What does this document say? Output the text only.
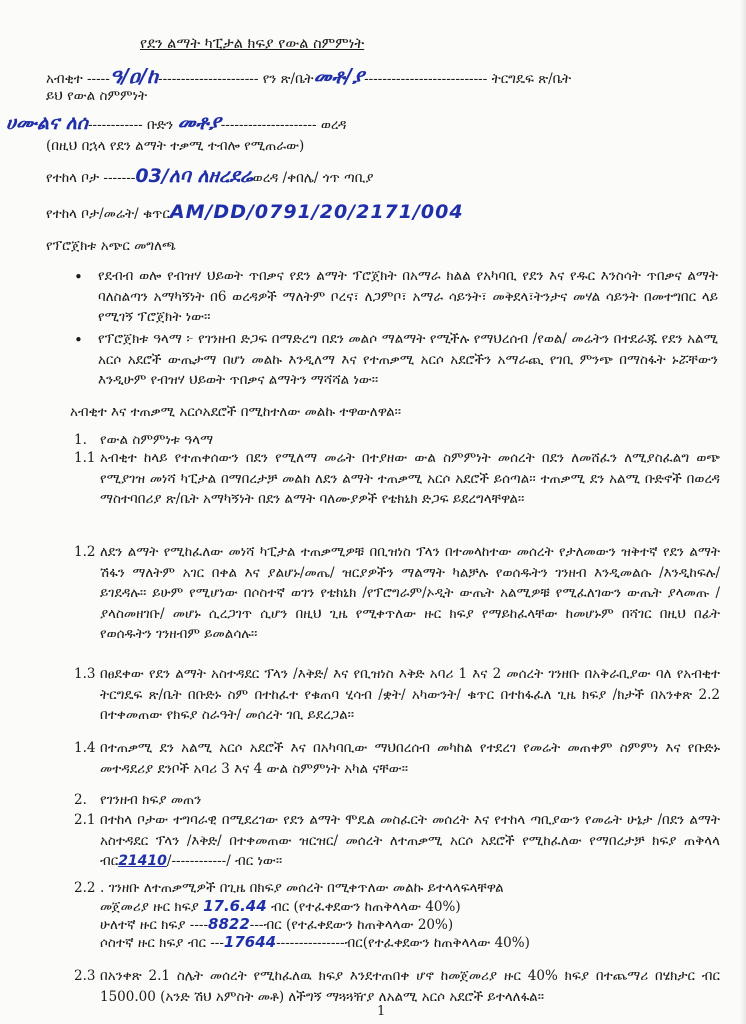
የደን ልማት ካፒታል ክፍያ የውል ስምምነት
አብቂተ -----ዓ/ዐ/ከ---------------------- የን ጽ/ቤትመቶ/ያ--------------------------- ትርግዴፍ ጽ/ቤት
ይህ የውል ስምምነት
ሀሙልና ለሰ------------ ቡድን መቶያ--------------------- ወረዳ
(በዚህ በኋላ የደን ልማት ተቃሚ ተብሎ የሚጠራው)
የተከላ ቦታ -------03/ለባ ለዘረደሬወረዳ /ቀበሌ/ ጎጥ ጣቢያ
የተከላ ቦታ/መሬት/ ቁጥርAM/DD/0791/20/2171/004
የፕሮጀክቱ አጭር መግለጫ
• የደብብ ወሎ የብዝሃ ህይወት ጥበቃና የደን ልማት ፕሮጀክት በአማራ ክልል የአካባቢ የደን እና የዱር እንስሳት ጥበቃና ልማት ባለስልጣን አማካኝነት በ6 ወረዳዎች ማለትም ቦረና፣ ለጋምቦ፣ አማራ ሳይንት፣ መቅደላ፣ትንታና መሃል ሳይንት በመተግበር ላይ የሚገኝ ፕሮጀክት ነው፡፡
• የፕሮጀክቱ ዓላማ ፦ የገንዘብ ድጋፍ በማድረግ በደን መልሶ ማልማት የሚችሉ የማህረሰብ /የወል/ መሬትን በተደራጁ የደን አልሚ አርሶ አደሮች ውጤታማ በሆነ መልኩ እንዲለማ እና የተጠቃሚ አርሶ አደሮችን አማራጪ የገቢ ምንጭ በማስፋት ኑሯቸውን እንዲሁም የብዝሃ ህይወት ጥበቃና ልማትን ማሻሻል ነው፡፡
አብቂተ እና ተጠቃሚ አርሶአደሮች በሚከተለው መልኩ ተዋውለዋል፡፡
1. የውል ስምምነቱ ዓላማ
1.1 አብቂተ ከላይ የተጠቀሰውን በደን የሚለማ መሬት በተያዘው ውል ስምምነት መሰረት በደን ለመሸፈን ለሚያስፈልግ ወጭ የሚያገዝ መነሻ ካፒታል በማበረታቻ መልክ ለደን ልማት ተጠቃሚ አርሶ አደሮች ይሰጣል፡፡ ተጠቃሚ ደን አልሚ ቡድኖች በወረዳ ማስተባበሪያ ጽ/ቤት አማካኝነት በደን ልማት ባለሙያዎች የቴክኒክ ድጋፍ ይደረግላቸዋል፡፡
1.2 ለደን ልማት የሚከፈለው መነሻ ካፒታል ተጠቃሚዎቹ በቢዝነስ ፕላን በተመላከተው መሰረት የታለመውን ዝቅተኛ የደን ልማት ሽፋን ማለትም አገር በቀል እና ያልሆኑ/መጤ/ ዝርያዎችን ማልማት ካልቻሉ የወሰዱትን ገንዘብ እንዲመልሱ /እንዲከፍሉ/ ይገደዳሉ፡፡ ይሁም የሚሆነው በሶስተኛ ወገን የቴክኒክ /የፕሮግራም/ኦዲት ውጤት አልሚዎቹ የሚፈለገውን ውጤት ያላመጡ /ያላስመዘገቡ/ መሆኑ ሲረጋገጥ ሲሆን በዚህ ጊዜ የሚቀጥለው ዙር ክፍያ የማይከፈላቸው ከመሆኑም በሻገር በዚህ በፊት የወሰዱትን ገንዘብም ይመልሳሉ፡፡
1.3 በፀደቀው የደን ልማት አስተዳደር ፕላን /እቅድ/ እና የቢዝነስ እቅድ አባሪ 1 እና 2 መሰረት ገንዘቡ በአቅራቢያው ባለ የአብቂተ ትርግዴፍ ጽ/ቤት በቡድኑ ስም በተከፈተ የቁጠባ ሂሳብ /ቋት/ አካውንት/ ቁጥር በተከፋፈለ ጊዜ ክፍያ /ክታች በአንቀጽ 2.2 በተቀመጠው የክፍያ ስራዓት/ መሰረት ገቢ ይደረጋል፡፡
1.4 በተጠቃሚ ደን አልሚ አርሶ አደሮች እና በአካባቢው ማህበረሰብ መካከል የተደረገ የመሬት መጠቀም ስምምነ እና የቡድኑ መተዳደሪያ ደንቦች አባሪ 3 እና 4 ውል ስምምነት አካል ናቸው፡፡
2. የገንዘብ ክፍያ መጠን
2.1 በተከላ ቦታው ተግባራዊ በሚደረገው የደን ልማት ሞዴል መስፈርት መሰረት እና የተከላ ጣቢያውን የመሬት ሁኔታ /በደን ልማት አስተዳደር ፕላን /እቅድ/ በተቀመጠው ዝርዝር/ መሰረት ለተጠቃሚ አርሶ አደሮች የሚከፈለው የማበረታቻ ክፍያ ጠቅላላ ብር21410/------------/ ብር ነው፡፡
2.2 . ገንዘቡ ለተጠቃሚዎች በጊዜ በክፍያ መሰረት በሚቀጥለው መልኩ ይተላላፍላቸዋል
መጀመሪያ ዙር ክፍያ 17.6.44 ብር (የተፈቀደውን ከጠቅላላው 40%)
ሁለተኛ ዙር ክፍያ ----8822---ብር (የተፈቀደውን ከጠቅላላው 20%)
ሶስተኛ ዙር ክፍያ ብር ---17644---------------ብር(የተፈቀደውን ከጠቅላላው 40%)
2.3 በአንቀጽ 2.1 ስሌት መሰረት የሚከፈለዉ ክፍያ እንደተጠበቀ ሆኖ ከመጀመሪያ ዙር 40% ክፍያ በተጨማሪ በሄክታር ብር 1500.00 (አንድ ሽህ አምስት መቶ) ለችግኝ ማጓጓዥያ ለአልሚ አርሶ አደሮች ይተላለፋል፡፡
1
